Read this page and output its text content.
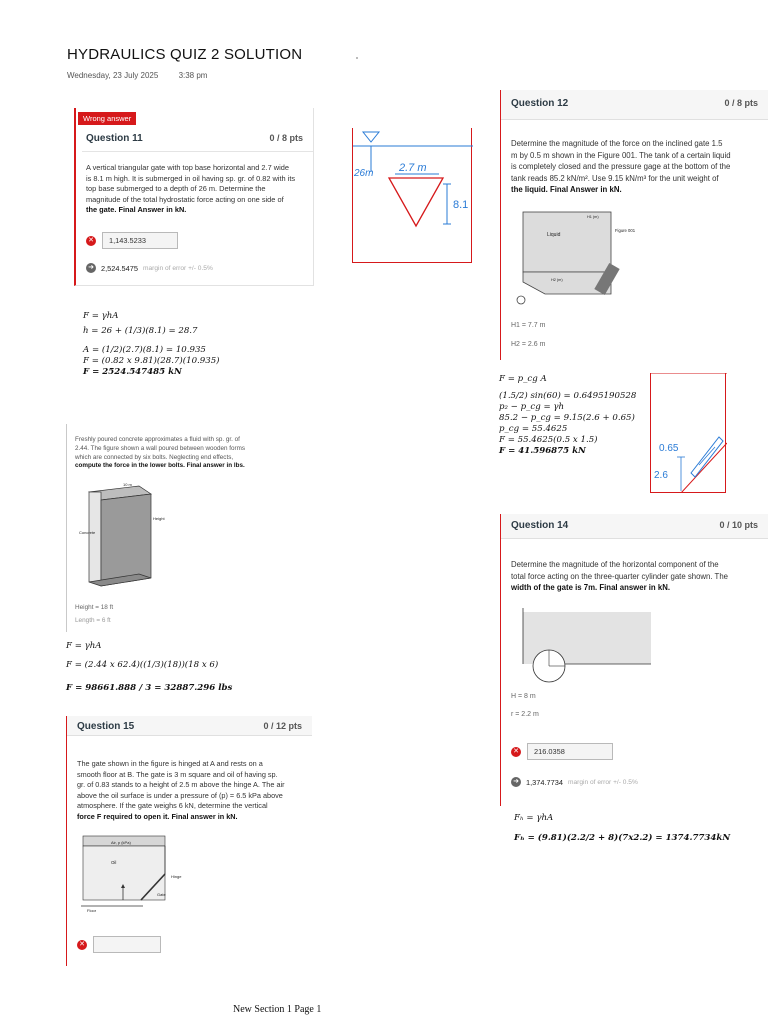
HYDRAULICS QUIZ 2 SOLUTION
Wednesday, 23 July 2025	3:38 pm
Wrong answer
Question 11	0 / 8 pts
A vertical triangular gate with top base horizontal and 2.7 wide
is 8.1 m high. It is submerged in oil having sp. gr. of 0.82 with its
top base submerged to a depth of 26 m. Determine the
magnitude of the total hydrostatic force acting on one side of
the gate. Final Answer in kN.
✕	1,143.5233
➜ 2,524.5475 margin of error +/- 0.5%
F = γhA
h = 26 + (1/3)(8.1) = 28.7
A = (1/2)(2.7)(8.1) = 10.935
F = (0.82 x 9.81)(28.7)(10.935)
F = 2524.547485 kN
26m 2.7 m
8.1
Question 12	0 / 8 pts
Determine the magnitude of the force on the inclined gate 1.5
m by 0.5 m shown in the Figure 001. The tank of a certain liquid
is completely closed and the pressure gage at the bottom of the
tank reads 85.2 kN/m². Use 9.15 kN/m³ for the unit weight of
the liquid. Final Answer in kN.
Liquid
Figure 001
H1 (m)
H2 (m)
H1 = 7.7 m
H2 = 2.6 m
F = p_cg A
(1.5/2) sin(60) = 0.6495190528
p₂ − p_cg = γh
85.2 − p_cg = 9.15(2.6 + 0.65)
p_cg = 55.4625
F = 55.4625(0.5 x 1.5)
F = 41.596875 kN	0.65
2.6
Freshly poured concrete approximates a fluid with sp. gr. of
2.44. The figure shown a wall poured between wooden forms
which are connected by six bolts. Neglecting end effects,
compute the force in the lower bolts. Final answer in lbs.
10 m
Concrete
Height
Height = 18 ft
Length = 6 ft
F = γhA
F = (2.44 x 62.4)((1/3)(18))(18 x 6)
F = 98661.888 / 3 = 32887.296 lbs
Question 14	0 / 10 pts
Determine the magnitude of the horizontal component of the
total force acting on the three-quarter cylinder gate shown. The
width of the gate is 7m. Final answer in kN.
H = 8 m
r = 2.2 m
✕	216.0358
➜ 1,374.7734 margin of error +/- 0.5%
Fₕ = γhA
Fₕ = (9.81)(2.2/2 + 8)(7x2.2) = 1374.7734kN
Question 15	0 / 12 pts
The gate shown in the figure is hinged at A and rests on a
smooth floor at B. The gate is 3 m square and oil of having sp.
gr. of 0.83 stands to a height of 2.5 m above the hinge A. The air
above the oil surface is under a pressure of (p) = 6.5 kPa above
atmosphere. If the gate weighs 6 kN, determine the vertical
force F required to open it. Final answer in kN.
Air, p (kPa)
Oil
Floor
Hinge
Gate
✕
New Section 1 Page 1
